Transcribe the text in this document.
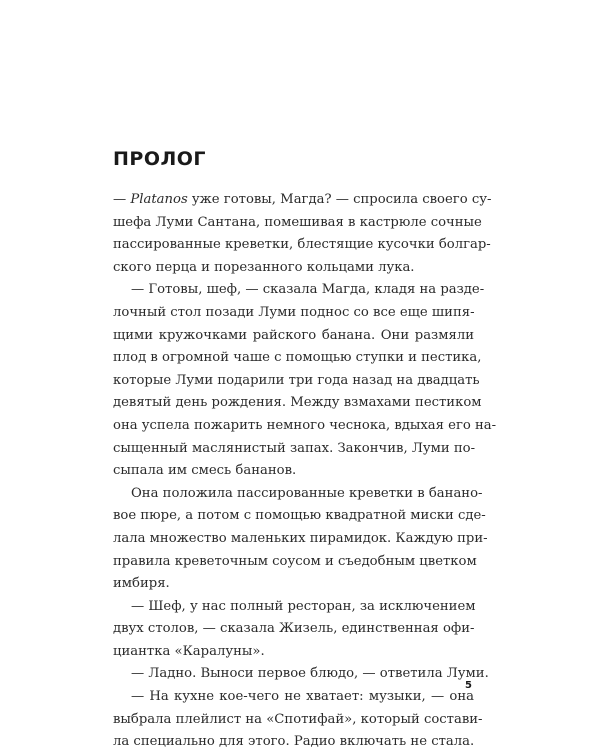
ПРОЛОГ
— Platanos уже готовы, Магда? — спросила своего су-
шефа Луми Сантана, помешивая в кастрюле сочные
пассированные креветки, блестящие кусочки болгар-
ского перца и порезанного кольцами лука.
— Готовы, шеф, — сказала Магда, кладя на разде-
лочный стол позади Луми поднос со все еще шипя-
щими кружочками райского банана. Они размяли
плод в огромной чаше с помощью ступки и пестика,
которые Луми подарили три года назад на двадцать
девятый день рождения. Между взмахами пестиком
она успела пожарить немного чеснока, вдыхая его на-
сыщенный маслянистый запах. Закончив, Луми по-
сыпала им смесь бананов.
Она положила пассированные креветки в бананo-
вое пюре, а потом с помощью квадратной миски сде-
лала множество маленьких пирамидок. Каждую при-
правила креветочным соусом и съедобным цветком
имбиря.
— Шеф, у нас полный ресторан, за исключением
двух столов, — сказала Жизель, единственная офи-
циантка «Каралуны».
— Ладно. Выноси первое блюдо, — ответила Луми.
— На кухне кое-чего не хватает: музыки, — она
выбрала плейлист на «Спотифай», который состави-
ла специально для этого. Радио включать не стала.
5
